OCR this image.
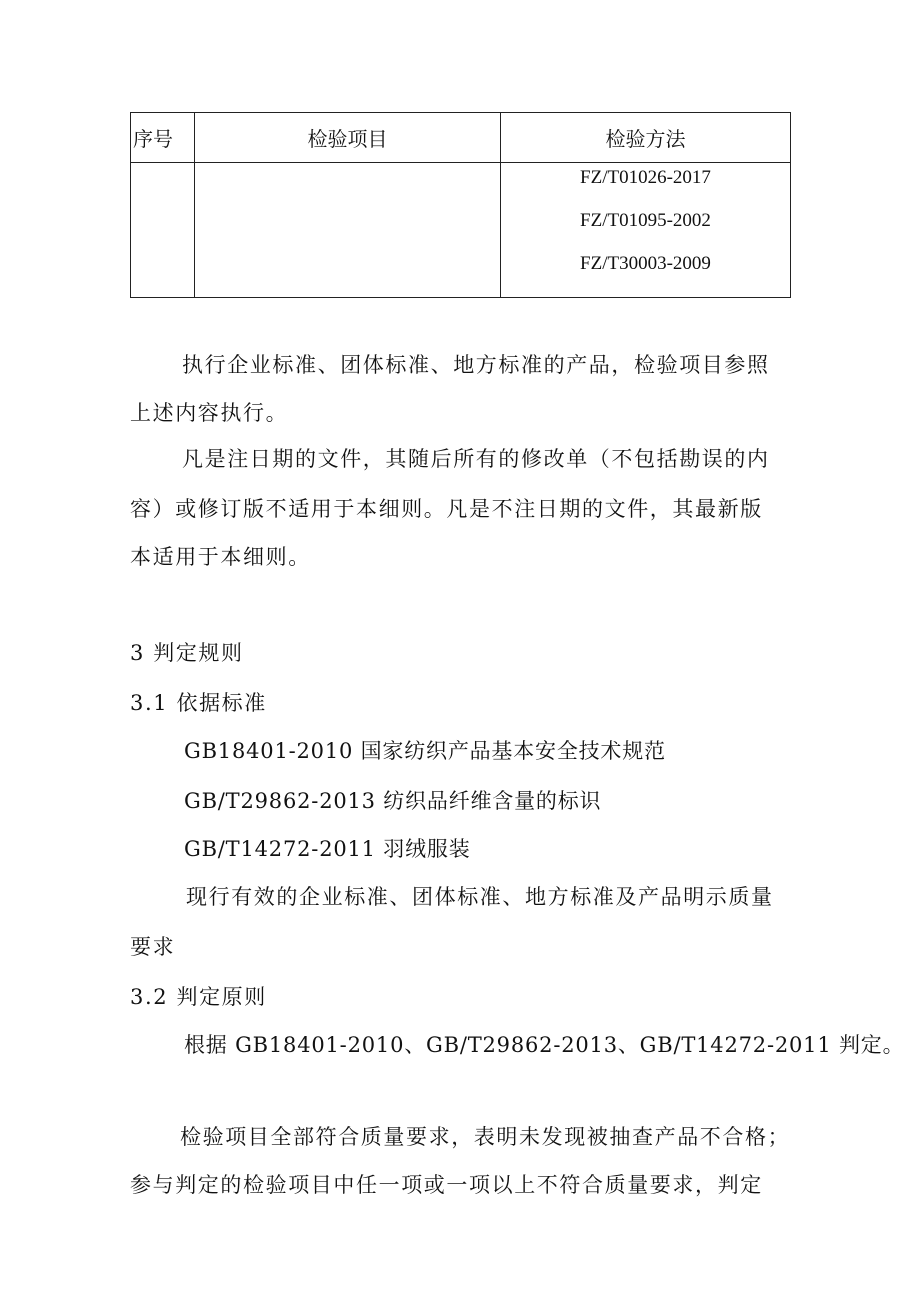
序号	检验项目	检验方法

		FZ/T01026-2017
FZ/T01095-2002
FZ/T30003-2009
执行企业标准、团体标准、地方标准的产品，检验项目参照
上述内容执行。
凡是注日期的文件，其随后所有的修改单（不包括勘误的内
容）或修订版不适用于本细则。凡是不注日期的文件，其最新版
本适用于本细则。
3 判定规则
3.1 依据标准
GB18401-2010 国家纺织产品基本安全技术规范
GB/T29862-2013 纺织品纤维含量的标识
GB/T14272-2011 羽绒服装
现行有效的企业标准、团体标准、地方标准及产品明示质量
要求
3.2 判定原则
根据 GB18401-2010、GB/T29862-2013、GB/T14272-2011 判定。
检验项目全部符合质量要求，表明未发现被抽查产品不合格；
参与判定的检验项目中任一项或一项以上不符合质量要求，判定
